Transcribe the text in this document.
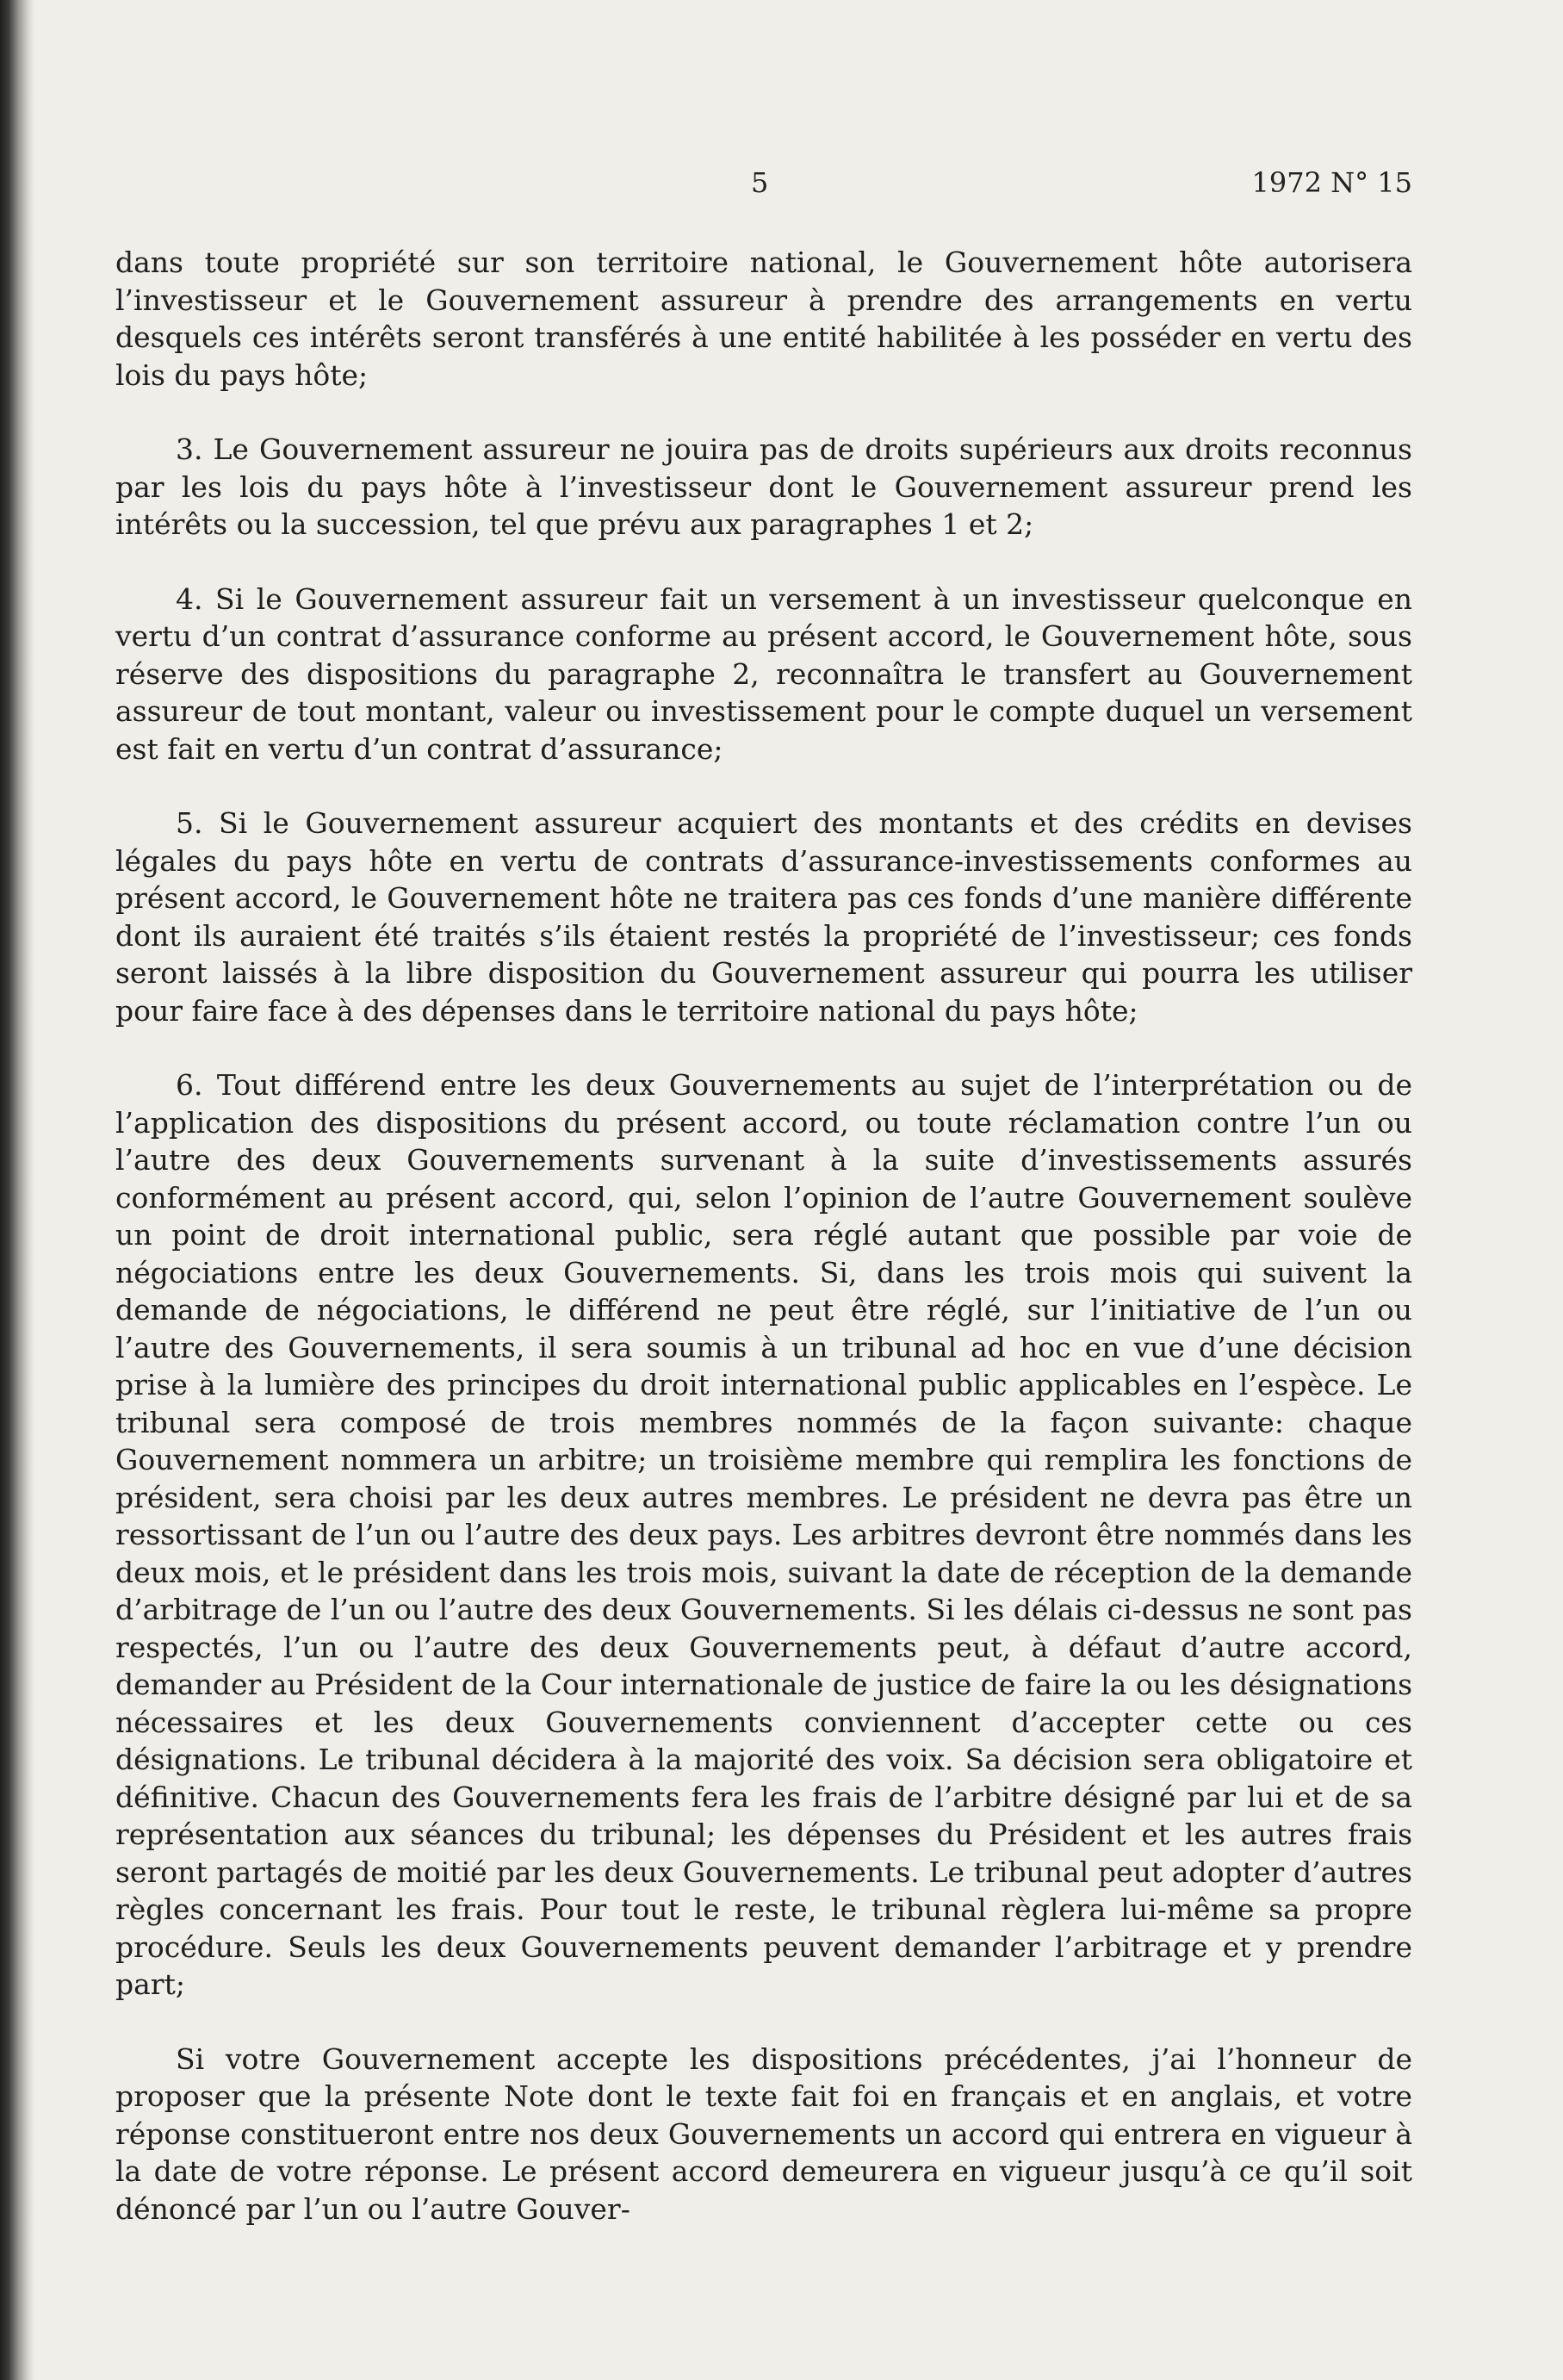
5	1972 N° 15

dans toute propriété sur son territoire national, le Gouvernement hôte autorisera l’investisseur et le Gouvernement assureur à prendre des arrangements en vertu desquels ces intérêts seront transférés à une entité habilitée à les posséder en vertu des lois du pays hôte;

3. Le Gouvernement assureur ne jouira pas de droits supérieurs aux droits reconnus par les lois du pays hôte à l’investisseur dont le Gouvernement assureur prend les intérêts ou la succession, tel que prévu aux paragraphes 1 et 2;

4. Si le Gouvernement assureur fait un versement à un investisseur quelconque en vertu d’un contrat d’assurance conforme au présent accord, le Gouvernement hôte, sous réserve des dispositions du paragraphe 2, reconnaîtra le transfert au Gouvernement assureur de tout montant, valeur ou investissement pour le compte duquel un versement est fait en vertu d’un contrat d’assurance;

5. Si le Gouvernement assureur acquiert des montants et des crédits en devises légales du pays hôte en vertu de contrats d’assurance-investissements conformes au présent accord, le Gouvernement hôte ne traitera pas ces fonds d’une manière différente dont ils auraient été traités s’ils étaient restés la propriété de l’investisseur; ces fonds seront laissés à la libre disposition du Gouvernement assureur qui pourra les utiliser pour faire face à des dépenses dans le territoire national du pays hôte;

6. Tout différend entre les deux Gouvernements au sujet de l’interprétation ou de l’application des dispositions du présent accord, ou toute réclamation contre l’un ou l’autre des deux Gouvernements survenant à la suite d’investissements assurés conformément au présent accord, qui, selon l’opinion de l’autre Gouvernement soulève un point de droit international public, sera réglé autant que possible par voie de négociations entre les deux Gouvernements. Si, dans les trois mois qui suivent la demande de négociations, le différend ne peut être réglé, sur l’initiative de l’un ou l’autre des Gouvernements, il sera soumis à un tribunal ad hoc en vue d’une décision prise à la lumière des principes du droit international public applicables en l’espèce. Le tribunal sera composé de trois membres nommés de la façon suivante: chaque Gouvernement nommera un arbitre; un troisième membre qui remplira les fonctions de président, sera choisi par les deux autres membres. Le président ne devra pas être un ressortissant de l’un ou l’autre des deux pays. Les arbitres devront être nommés dans les deux mois, et le président dans les trois mois, suivant la date de réception de la demande d’arbitrage de l’un ou l’autre des deux Gouvernements. Si les délais ci-dessus ne sont pas respectés, l’un ou l’autre des deux Gouvernements peut, à défaut d’autre accord, demander au Président de la Cour internationale de justice de faire la ou les désignations nécessaires et les deux Gouvernements conviennent d’accepter cette ou ces désignations. Le tribunal décidera à la majorité des voix. Sa décision sera obligatoire et définitive. Chacun des Gouvernements fera les frais de l’arbitre désigné par lui et de sa représentation aux séances du tribunal; les dépenses du Président et les autres frais seront partagés de moitié par les deux Gouvernements. Le tribunal peut adopter d’autres règles concernant les frais. Pour tout le reste, le tribunal règlera lui-même sa propre procédure. Seuls les deux Gouvernements peuvent demander l’arbitrage et y prendre part;

Si votre Gouvernement accepte les dispositions précédentes, j’ai l’honneur de proposer que la présente Note dont le texte fait foi en français et en anglais, et votre réponse constitueront entre nos deux Gouvernements un accord qui entrera en vigueur à la date de votre réponse. Le présent accord demeurera en vigueur jusqu’à ce qu’il soit dénoncé par l’un ou l’autre Gouver-
